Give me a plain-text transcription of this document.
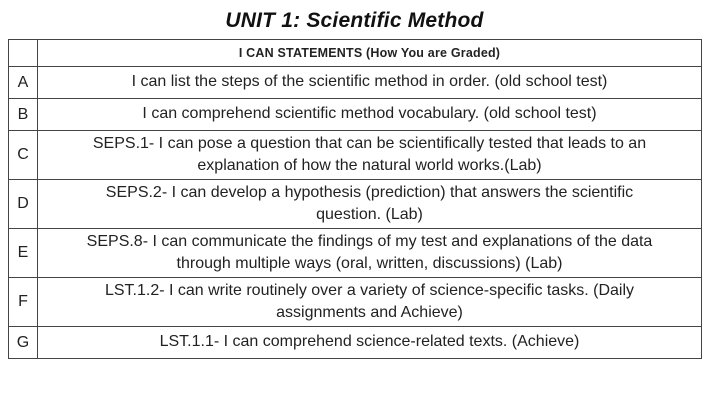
UNIT 1: Scientific Method
	I CAN STATEMENTS (How You are Graded)
A	I can list the steps of the scientific method in order. (old school test)
B	I can comprehend scientific method vocabulary. (old school test)
C	SEPS.1- I can pose a question that can be scientifically tested that leads to an
explanation of how the natural world works.(Lab)
D	SEPS.2- I can develop a hypothesis (prediction) that answers the scientific
question. (Lab)
E	SEPS.8- I can communicate the findings of my test and explanations of the data
through multiple ways (oral, written, discussions) (Lab)
F	LST.1.2- I can write routinely over a variety of science-specific tasks. (Daily
assignments and Achieve)
G	LST.1.1- I can comprehend science-related texts. (Achieve)
